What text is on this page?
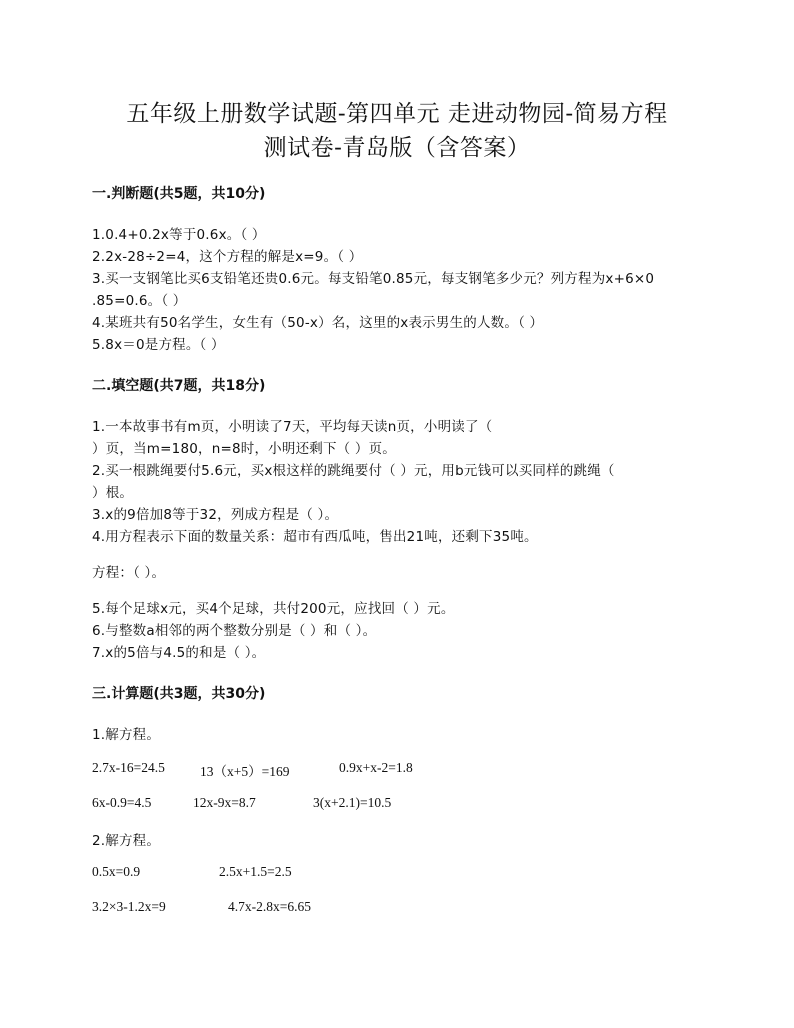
五年级上册数学试题-第四单元 走进动物园-简易方程
测试卷-青岛版（含答案）
一.判断题(共5题，共10分)
1.0.4+0.2x等于0.6x。（ ）
2.2x-28÷2=4，这个方程的解是x=9。（ ）
3.买一支钢笔比买6支铅笔还贵0.6元。每支铅笔0.85元，每支钢笔多少元？列方程为x+6×0
.85=0.6。（ ）
4.某班共有50名学生，女生有（50-x）名，这里的x表示男生的人数。（ ）
5.8x＝0是方程。（ ）
二.填空题(共7题，共18分)
1.一本故事书有m页，小明读了7天，平均每天读n页，小明读了（
）页，当m=180，n=8时，小明还剩下（ ）页。
2.买一根跳绳要付5.6元，买x根这样的跳绳要付（ ）元，用b元钱可以买同样的跳绳（
）根。
3.x的9倍加8等于32，列成方程是（ ）。
4.用方程表示下面的数量关系：超市有西瓜吨，售出21吨，还剩下35吨。
方程：（ ）。
5.每个足球x元，买4个足球，共付200元，应找回（ ）元。
6.与整数a相邻的两个整数分别是（ ）和（ ）。
7.x的5倍与4.5的和是（ ）。
三.计算题(共3题，共30分)
1.解方程。
2.7x-16=24.5	13（x+5）=169	0.9x+x-2=1.8
6x-0.9=4.5	12x-9x=8.7	3(x+2.1)=10.5
2.解方程。
0.5x=0.9	2.5x+1.5=2.5
3.2×3-1.2x=9	4.7x-2.8x=6.65
